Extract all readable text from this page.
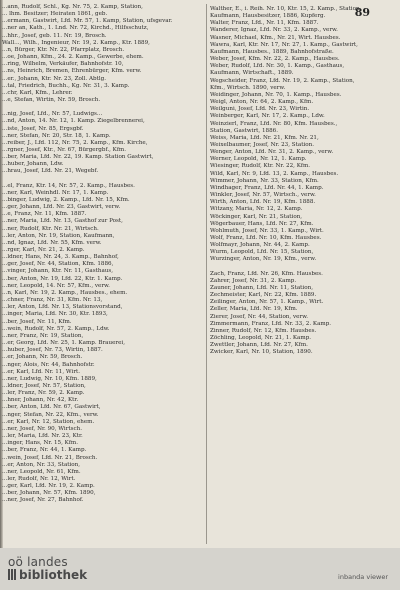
89
...ann, Rudolf, Schl., Kg. Nr. 75, 2. Kamp, Station,
... lhm. Besitzer; Heiraten 1861, geb.
...ermann, Gastwirt, Lfd. Mr. 57, 1. Kamp, Station, ufsgevar.
...ner an, Kath., 1. Lnd. Nr. 72, Kirchd., Hilfsschutz,
...hhr., Josef, geb. 11. Nr. 19, Brosch.
Wall..., Wilh., Ingenieur, Nr. 19, 2. Kamp., Ktr. 1889,
...n, Bürger, Ktr. Nr. 22, Pfarrplatz, Brosch.
...oe, Johann, Kfm., 24. 2. Kamp., Gewerbe, ehem.
...ring, Wilhelm, Verkäufer, Bahnhofstr. 10,
...ns, Heinrich, Bremen, Ehrenbürger, Kfm. verw.
...er., Johann, Ktr. Nr. 23, Zoll. Abtlg.
...tal, Friedrich, Buchh., Kg. Nr. 31, 3. Kamp.
...chr, Karl, Kfm., Lehrer.
...e, Stefan, Wirtin, Nr. 59, Brosch.
...nig, Josef, Lfd., Nr. 57, Ludwigs...
...nd, Anton, 14. Nr. 12, 1. Kamp. Ziegelbrennerei,
...iste, Josef, Nr. 85, Ergsgbf.
...ner, Stefan, Nr. 20, Str. 18, 1. Kamp.
...reiber, J., Lfd. 112, Nr. 75, 2. Kamp., Kfm. Kirche,
...rgner, Josef, Ktr., Nr. 67, Bürgergbf., Kfm.
...ber, Maria, Lfd. Nr. 22, 19. Kamp. Station Gastwirt,
...huber, Johann, Ldw.
...hrau, Josef, Lfd. Nr. 21, Wegebf.
...el, Franz, Ktr. 14, Nr. 57, 2. Kamp., Hausbes.
...ner, Karl, Weinhdl. Nr. 17, 1. Kamp.
...binger, Ludwig, 2. Kamp., Lfd. Nr. 15, Kfm.
...ger, Johann, Lfd. Nr. 23, Gastwirt, verw.
...e, Franz, Nr. 11, Kfm. 1887.
...ner, Maria, Lfd. Nr. 13, Gasthof zur Post,
...ner, Rudolf, Ktr. Nr. 21, Wirtsch.
...ler, Anton, Nr. 19, Station, Kaufmann,
...nd, Ignaz, Lfd. Nr. 55, Kfm. verw.
...rger, Karl, Nr. 21, 2. Kamp.
...ldner, Hans, Nr. 24, 3. Kamp., Bahnhof,
...ger, Josef, Nr. 44, Station, Kfm. 1886,
...vinger, Johann, Ktr. Nr. 11, Gasthaus,
...ber, Anton, Nr. 19, Lfd. 22, Ktr. 1. Kamp.
...ner, Leopold, 14. Nr. 57, Kfm., verw.
...n, Karl, Nr. 19, 2. Kamp., Hausbes., ehem.
...chner, Franz, Nr. 31, Kfm. Nr. 13,
...ler, Anton, Lfd. Nr. 13, Stationsvorstand,
...inger, Maria, Lfd. Nr. 30, Ktr. 1893,
...ber, Josef, Nr. 11, Kfm.
...wein, Rudolf, Nr. 57, 2. Kamp., Ldw.
...ner, Franz, Nr. 19, Station,
...er, Georg, Lfd. Nr. 25, 1. Kamp. Brauerei,
...huber, Josef, Nr. 73, Wirtin, 1887.
...er, Johann, Nr. 59, Brosch.
...nger, Alois, Nr. 44, Bahnhofstr.
...er, Karl, Lfd. Nr. 11, Wirt.
...ner, Ludwig, Nr. 10, Kfm. 1889,
...ldner, Josef, Nr. 57, Station,
...ler, Franz, Nr. 59, 2. Kamp.
...hner, Johann, Nr. 42, Ktr.
...ber, Anton, Lfd. Nr. 67, Gastwirt,
...nger, Stefan, Nr. 22, Kfm., verw.
...er, Karl, Nr. 12, Station, ehem.
...ner, Josef, Nr. 90, Wirtsch.
...ler, Maria, Lfd. Nr. 23, Ktr.
...inger, Hans, Nr. 15, Kfm.
...ber, Franz, Nr. 44, 1. Kamp.
...wein, Josef, Lfd. Nr. 21, Brosch.
...er, Anton, Nr. 33, Station,
...ner, Leopold, Nr. 61, Kfm.
...ler, Rudolf, Nr. 12, Wirt.
...ger, Karl, Lfd. Nr. 19, 2. Kamp.
...ber, Johann, Nr. 57, Kfm. 1890,
...ner, Josef, Nr. 27, Bahnhof.
Walther, E., i. Reih. Nr. 10, Ktr. 15, 2. Kamp., Station,
Kaufmann, Hausbesitzer, 1886, Kupferg.
Walter, Franz, Lfd., Nr. 11, Kfm. 1887.
Wanderer, Ignaz, Lfd. Nr. 33, 2. Kamp., verw.
Wasner, Michael, Kfm., Nr. 21, Wirt. Hausbes.
Wawra, Karl, Ktr. Nr. 17, Nr. 27, 1. Kamp., Gastwirt,
Kaufmann, Hausbes., 1889, Bahnhofstraße.
Weber, Josef, Kfm. Nr. 22, 2. Kamp., Hausbes.
Weber, Rudolf, Lfd. Nr. 30, 1. Kamp., Gasthaus,
Kaufmann, Wirtschaft., 1889.
Wegscheider, Franz, Lfd. Nr. 19, 2. Kamp., Station,
Kfm., Wirtsch. 1890, verw.
Weidinger, Johann, Nr. 70, 1. Kamp., Hausbes.
Weigl, Anton, Nr. 64, 2. Kamp., Kfm.
Weilguni, Josef, Lfd. Nr. 23, Wirtin.
Weinberger, Karl, Nr. 17, 2. Kamp., Ldw.
Weinzierl, Franz, Lfd. Nr. 80, Kfm. Hausbes.,
Station, Gastwirt, 1886.
Weiss, Maria, Lfd. Nr. 21, Kfm. Nr. 21,
Weixelbaumer, Josef, Nr. 23, Station.
Wenger, Anton, Lfd. Nr. 31, 2. Kamp., verw.
Werner, Leopold, Nr. 12, 1. Kamp.
Wiesinger, Rudolf, Ktr. Nr. 22, Kfm.
Wild, Karl, Nr. 9, Lfd. 13, 2. Kamp., Hausbes.
Wimmer, Johann, Nr. 33, Station, Kfm.
Windhager, Franz, Lfd. Nr. 44, 1. Kamp.
Winkler, Josef, Nr. 57, Wirtsch., verw.
Wirth, Anton, Lfd. Nr. 19, Kfm. 1888.
Witzany, Maria, Nr. 12, 2. Kamp.
Wöckinger, Karl, Nr. 21, Station,
Wögerbauer, Hans, Lfd. Nr. 27, Kfm.
Wohlmuth, Josef, Nr. 33, 1. Kamp., Wirt.
Wolf, Franz, Lfd. Nr. 10, Kfm. Hausbes.
Wolfmayr, Johann, Nr. 44, 2. Kamp.
Wurm, Leopold, Lfd. Nr. 15, Station,
Wurzinger, Anton, Nr. 19, Kfm., verw.
Zach, Franz, Lfd. Nr. 26, Kfm. Hausbes.
Zahrer, Josef, Nr. 31, 2. Kamp.
Zauner, Johann, Lfd. Nr. 11, Station,
Zechmeister, Karl, Nr. 22, Kfm. 1889.
Zeilinger, Anton, Nr. 57, 1. Kamp., Wirt.
Zeller, Maria, Lfd. Nr. 19, Kfm.
Zierer, Josef, Nr. 44, Station, verw.
Zimmermann, Franz, Lfd. Nr. 33, 2. Kamp.
Zinner, Rudolf, Nr. 12, Kfm. Hausbes.
Zöchling, Leopold, Nr. 21, 1. Kamp.
Zwettler, Johann, Lfd. Nr. 27, Kfm.
Zwicker, Karl, Nr. 10, Station, 1890.
oö landes
bibliothek	inbanda viewer
